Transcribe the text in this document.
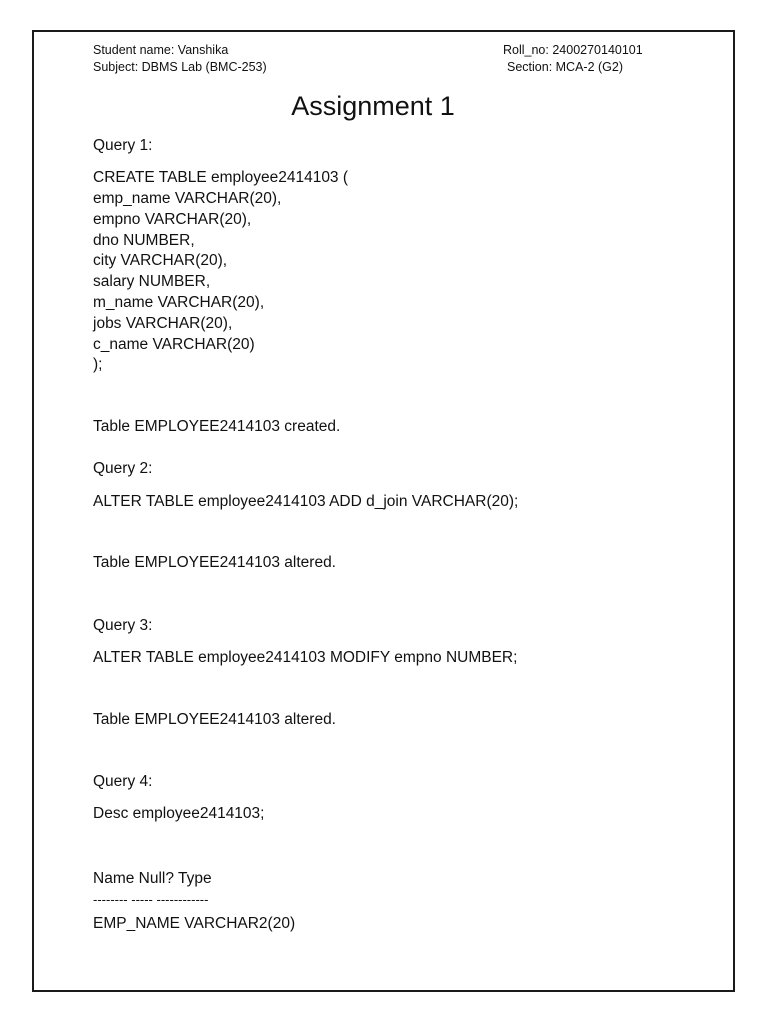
Student name: Vanshika
Subject: DBMS Lab (BMC-253)
Roll_no: 2400270140101
Section: MCA-2 (G2)
Assignment 1
Query 1:
CREATE TABLE employee2414103 (
emp_name VARCHAR(20),
empno VARCHAR(20),
dno NUMBER,
city VARCHAR(20),
salary NUMBER,
m_name VARCHAR(20),
jobs VARCHAR(20),
c_name VARCHAR(20)
);
Table EMPLOYEE2414103 created.
Query 2:
ALTER TABLE employee2414103 ADD d_join VARCHAR(20);
Table EMPLOYEE2414103 altered.
Query 3:
ALTER TABLE employee2414103 MODIFY empno NUMBER;
Table EMPLOYEE2414103 altered.
Query 4:
Desc employee2414103;
Name Null? Type
-------- ----- ------------
EMP_NAME VARCHAR2(20)
